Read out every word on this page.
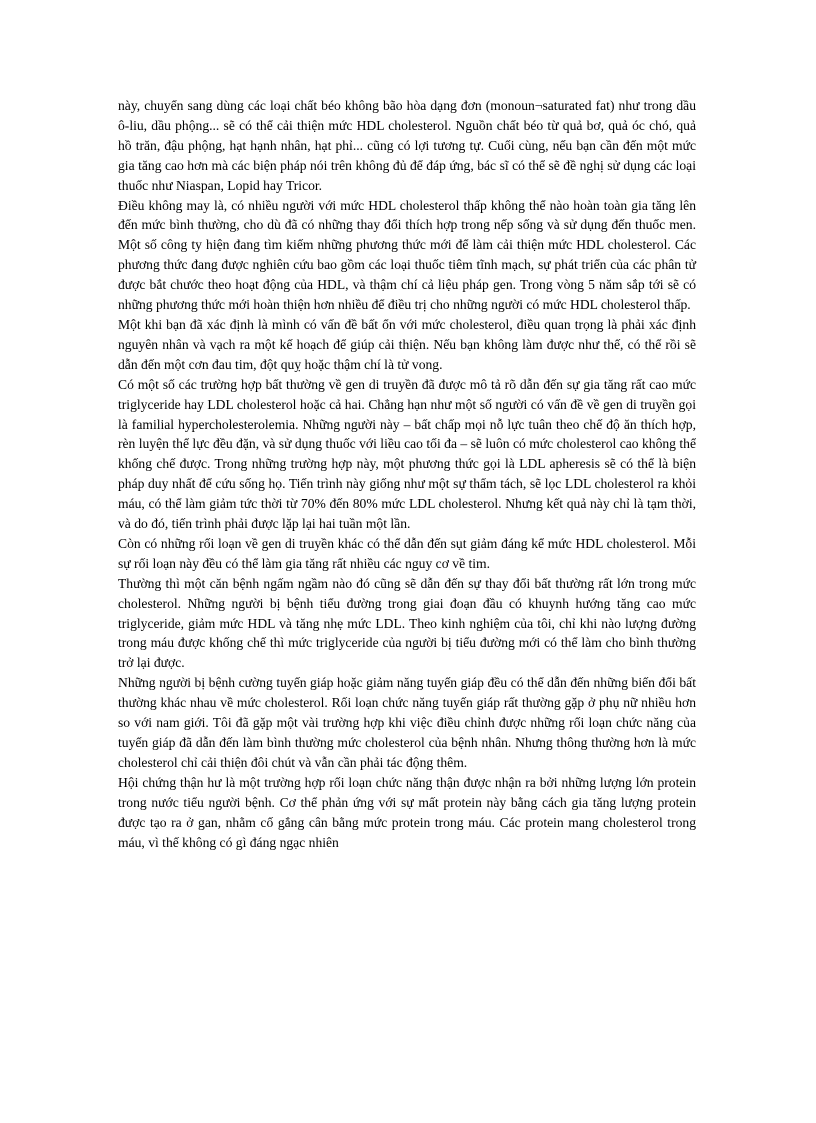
này, chuyển sang dùng các loại chất béo không bão hòa dạng đơn (monoun¬saturated fat) như trong dầu ô-liu, dầu phộng... sẽ có thể cải thiện mức HDL cholesterol. Nguồn chất béo từ quả bơ, quả óc chó, quả hồ trăn, đậu phộng, hạt hạnh nhân, hạt phỉ... cũng có lợi tương tự. Cuối cùng, nếu bạn cần đến một mức gia tăng cao hơn mà các biện pháp nói trên không đủ để đáp ứng, bác sĩ có thể sẽ đề nghị sử dụng các loại thuốc như Niaspan, Lopid hay Tricor.

Điều không may là, có nhiều người với mức HDL cholesterol thấp không thể nào hoàn toàn gia tăng lên đến mức bình thường, cho dù đã có những thay đổi thích hợp trong nếp sống và sử dụng đến thuốc men. Một số công ty hiện đang tìm kiếm những phương thức mới để làm cải thiện mức HDL cholesterol. Các phương thức đang được nghiên cứu bao gồm các loại thuốc tiêm tĩnh mạch, sự phát triển của các phân tử được bắt chước theo hoạt động của HDL, và thậm chí cả liệu pháp gen. Trong vòng 5 năm sắp tới sẽ có những phương thức mới hoàn thiện hơn nhiều để điều trị cho những người có mức HDL cholesterol thấp.

Một khi bạn đã xác định là mình có vấn đề bất ổn với mức cholesterol, điều quan trọng là phải xác định nguyên nhân và vạch ra một kế hoạch để giúp cải thiện. Nếu bạn không làm được như thế, có thể rồi sẽ dẫn đến một cơn đau tim, đột quỵ hoặc thậm chí là tử vong.

Có một số các trường hợp bất thường về gen di truyền đã được mô tả rõ dẫn đến sự gia tăng rất cao mức triglyceride hay LDL cholesterol hoặc cả hai. Chẳng hạn như một số người có vấn đề về gen di truyền gọi là familial hypercholesterolemia. Những người này – bất chấp mọi nỗ lực tuân theo chế độ ăn thích hợp, rèn luyện thể lực đều đặn, và sử dụng thuốc với liều cao tối đa – sẽ luôn có mức cholesterol cao không thể khống chế được. Trong những trường hợp này, một phương thức gọi là LDL apheresis sẽ có thể là biện pháp duy nhất để cứu sống họ. Tiến trình này giống như một sự thẩm tách, sẽ lọc LDL cholesterol ra khỏi máu, có thể làm giảm tức thời từ 70% đến 80% mức LDL cholesterol. Nhưng kết quả này chỉ là tạm thời, và do đó, tiến trình phải được lặp lại hai tuần một lần.

Còn có những rối loạn về gen di truyền khác có thể dẫn đến sụt giảm đáng kể mức HDL cholesterol. Mỗi sự rối loạn này đều có thể làm gia tăng rất nhiều các nguy cơ về tim.

Thường thì một căn bệnh ngấm ngầm nào đó cũng sẽ dẫn đến sự thay đổi bất thường rất lớn trong mức cholesterol. Những người bị bệnh tiểu đường trong giai đoạn đầu có khuynh hướng tăng cao mức triglyceride, giảm mức HDL và tăng nhẹ mức LDL. Theo kinh nghiệm của tôi, chỉ khi nào lượng đường trong máu được khống chế thì mức triglyceride của người bị tiểu đường mới có thể làm cho bình thường trở lại được.

Những người bị bệnh cường tuyến giáp hoặc giảm năng tuyến giáp đều có thể dẫn đến những biến đổi bất thường khác nhau về mức cholesterol. Rối loạn chức năng tuyến giáp rất thường gặp ở phụ nữ nhiều hơn so với nam giới. Tôi đã gặp một vài trường hợp khi việc điều chỉnh được những rối loạn chức năng của tuyến giáp đã dẫn đến làm bình thường mức cholesterol của bệnh nhân. Nhưng thông thường hơn là mức cholesterol chỉ cải thiện đôi chút và vẫn cần phải tác động thêm.

Hội chứng thận hư là một trường hợp rối loạn chức năng thận được nhận ra bởi những lượng lớn protein trong nước tiểu người bệnh. Cơ thể phản ứng với sự mất protein này bằng cách gia tăng lượng protein được tạo ra ở gan, nhằm cố gắng cân bằng mức protein trong máu. Các protein mang cholesterol trong máu, vì thế không có gì đáng ngạc nhiên
